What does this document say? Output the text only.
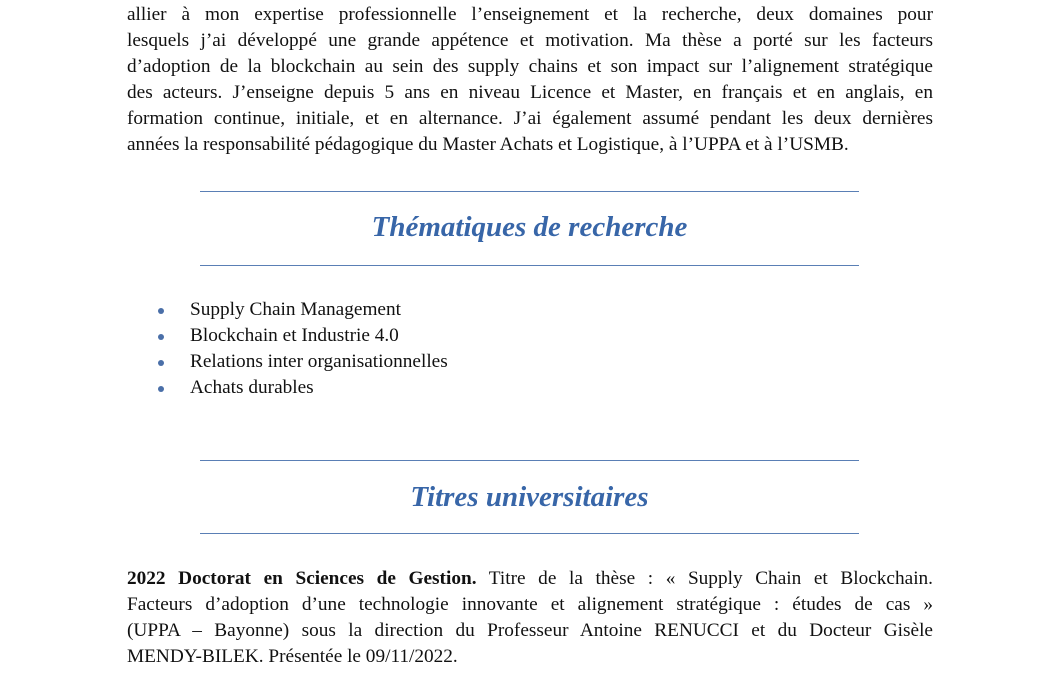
allier à mon expertise professionnelle l’enseignement et la recherche, deux domaines pour
lesquels j’ai développé une grande appétence et motivation. Ma thèse a porté sur les facteurs
d’adoption de la blockchain au sein des supply chains et son impact sur l’alignement stratégique
des acteurs. J’enseigne depuis 5 ans en niveau Licence et Master, en français et en anglais, en
formation continue, initiale, et en alternance. J’ai également assumé pendant les deux dernières
années la responsabilité pédagogique du Master Achats et Logistique, à l’UPPA et à l’USMB.
Thématiques de recherche
Supply Chain Management
Blockchain et Industrie 4.0
Relations inter organisationnelles
Achats durables
Titres universitaires
2022 Doctorat en Sciences de Gestion. Titre de la thèse : « Supply Chain et Blockchain.
Facteurs d’adoption d’une technologie innovante et alignement stratégique : études de cas »
(UPPA – Bayonne) sous la direction du Professeur Antoine RENUCCI et du Docteur Gisèle
MENDY-BILEK. Présentée le 09/11/2022.
